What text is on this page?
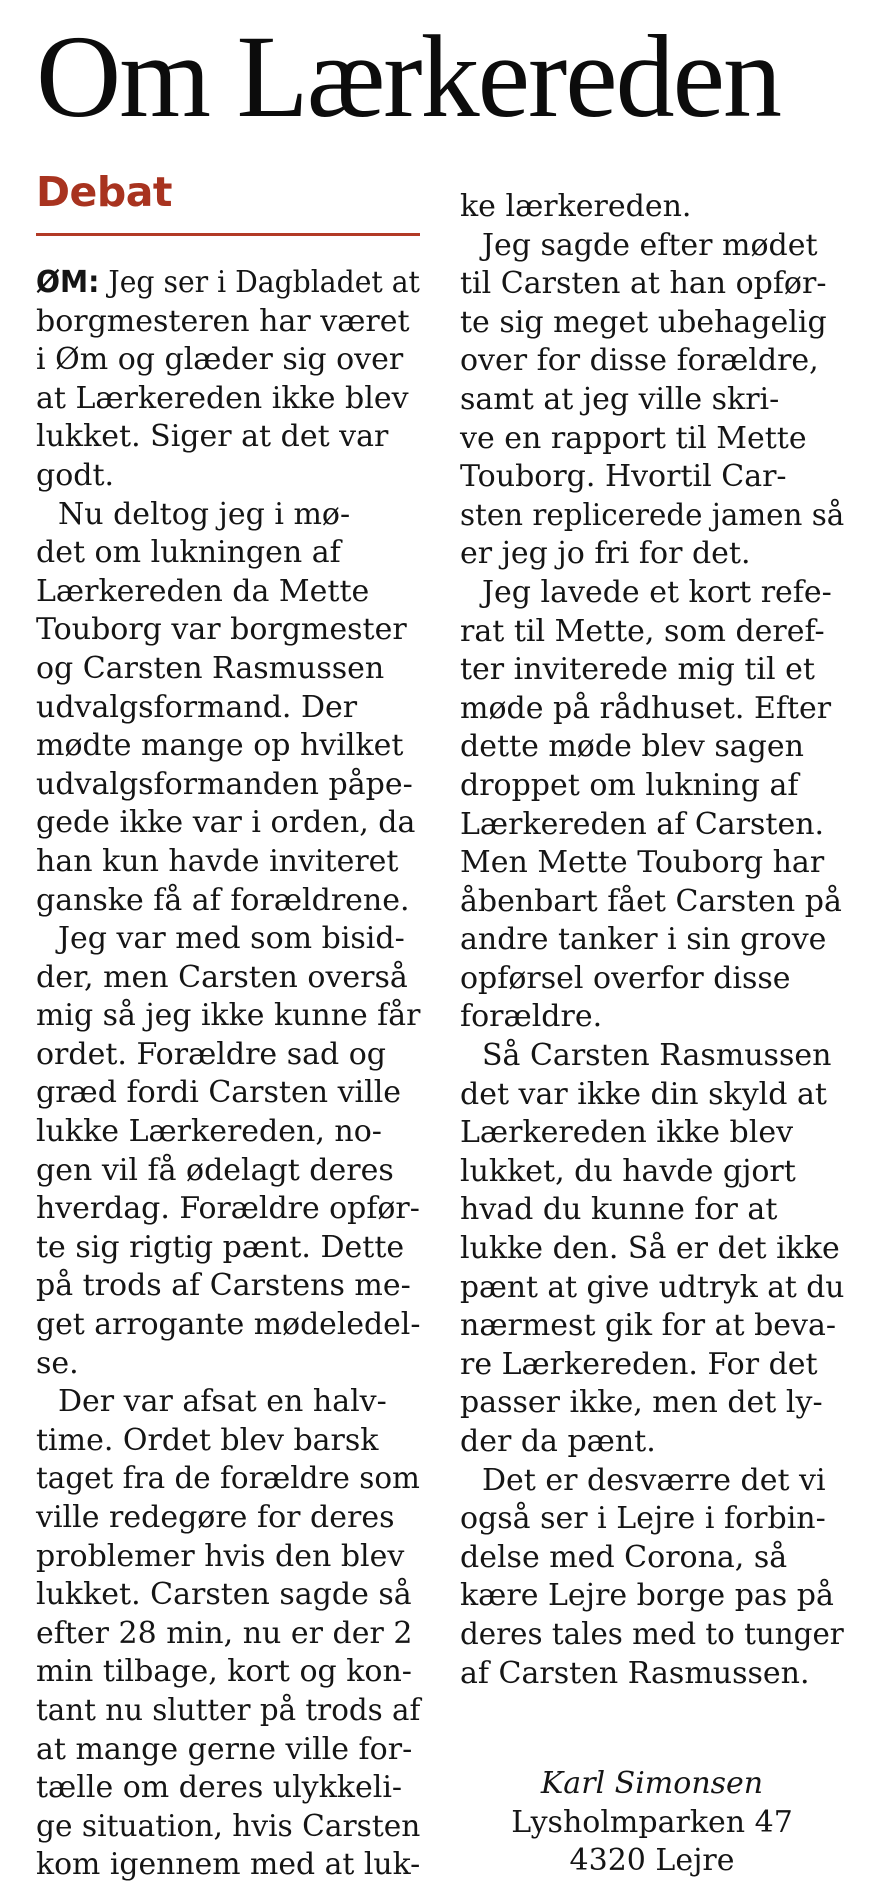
Om Lærkereden
Debat
ØM: Jeg ser i Dagbladet at
borgmesteren har været
i Øm og glæder sig over
at Lærkereden ikke blev
lukket. Siger at det var
godt.
Nu deltog jeg i mø-
det om lukningen af
Lærkereden da Mette
Touborg var borgmester
og Carsten Rasmussen
udvalgsformand. Der
mødte mange op hvilket
udvalgsformanden påpe-
gede ikke var i orden, da
han kun havde inviteret
ganske få af forældrene.
Jeg var med som bisid-
der, men Carsten overså
mig så jeg ikke kunne får
ordet. Forældre sad og
græd fordi Carsten ville
lukke Lærkereden, no-
gen vil få ødelagt deres
hverdag. Forældre opfør-
te sig rigtig pænt. Dette
på trods af Carstens me-
get arrogante mødeledel-
se.
Der var afsat en halv-
time. Ordet blev barsk
taget fra de forældre som
ville redegøre for deres
problemer hvis den blev
lukket. Carsten sagde så
efter 28 min, nu er der 2
min tilbage, kort og kon-
tant nu slutter på trods af
at mange gerne ville for-
tælle om deres ulykkeli-
ge situation, hvis Carsten
kom igennem med at luk-
ke lærkereden.
Jeg sagde efter mødet
til Carsten at han opfør-
te sig meget ubehagelig
over for disse forældre,
samt at jeg ville skri-
ve en rapport til Mette
Touborg. Hvortil Car-
sten replicerede jamen så
er jeg jo fri for det.
Jeg lavede et kort refe-
rat til Mette, som deref-
ter inviterede mig til et
møde på rådhuset. Efter
dette møde blev sagen
droppet om lukning af
Lærkereden af Carsten.
Men Mette Touborg har
åbenbart fået Carsten på
andre tanker i sin grove
opførsel overfor disse
forældre.
Så Carsten Rasmussen
det var ikke din skyld at
Lærkereden ikke blev
lukket, du havde gjort
hvad du kunne for at
lukke den. Så er det ikke
pænt at give udtryk at du
nærmest gik for at beva-
re Lærkereden. For det
passer ikke, men det ly-
der da pænt.
Det er desværre det vi
også ser i Lejre i forbin-
delse med Corona, så
kære Lejre borge pas på
deres tales med to tunger
af Carsten Rasmussen.
Karl Simonsen
Lysholmparken 47
4320 Lejre
